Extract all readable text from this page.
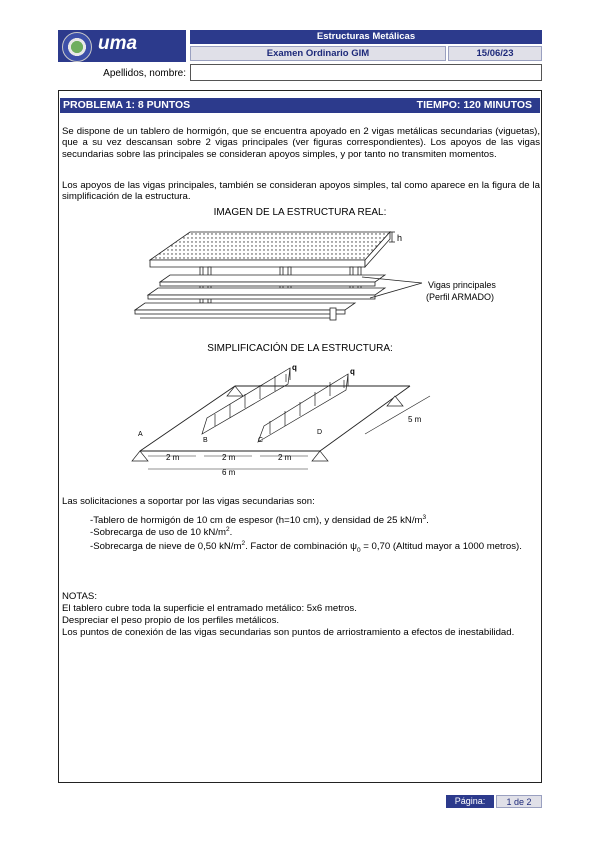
uma	Estructuras Metálicas
Examen Ordinario GIM	15/06/23
Apellidos, nombre:
PROBLEMA 1: 8 PUNTOS	TIEMPO: 120 MINUTOS
Se dispone de un tablero de hormigón, que se encuentra apoyado en 2 vigas metálicas secundarias (viguetas), que a su vez descansan sobre 2 vigas principales (ver figuras correspondientes). Los apoyos de las vigas secundarias sobre las principales se consideran apoyos simples, y por tanto no transmiten momentos.
Los apoyos de las vigas principales, también se consideran apoyos simples, tal como aparece en la figura de la simplificación de la estructura.
IMAGEN DE LA ESTRUCTURA REAL:
h
Vigas principales
(Perfil ARMADO)
SIMPLIFICACIÓN DE LA ESTRUCTURA:
q	q
A
B	C
D
2 m	2 m	2 m
6 m
5 m
Las solicitaciones a soportar por las vigas secundarias son:
-Tablero de hormigón de 10 cm de espesor (h=10 cm), y densidad de 25 $kN/m^3$.
-Sobrecarga de uso de 10 $kN/m^2$.
-Sobrecarga de nieve de 0,50 $kN/m^2$. Factor de combinación $\psi_0 = 0,70$ (Altitud mayor a 1000 metros).
NOTAS:
El tablero cubre toda la superficie el entramado metálico: 5x6 metros.
Despreciar el peso propio de los perfiles metálicos.
Los puntos de conexión de las vigas secundarias son puntos de arriostramiento a efectos de inestabilidad.
Página:	1 de 2
